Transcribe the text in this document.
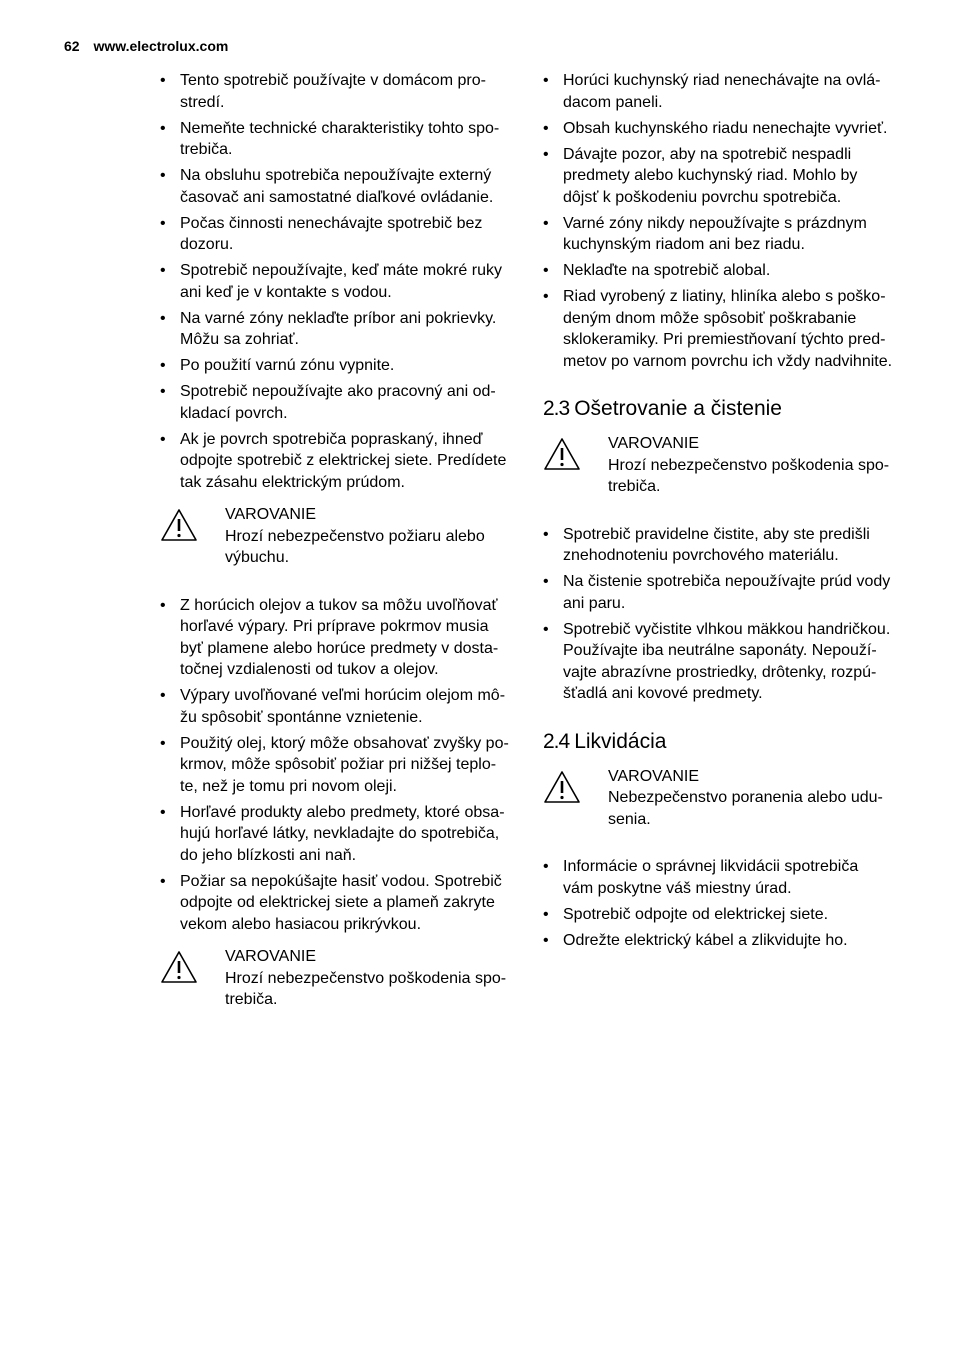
62 www.electrolux.com
• Tento spotrebič používajte v domácom pro-
stredí.
• Nemeňte technické charakteristiky tohto spo-
trebiča.
• Na obsluhu spotrebiča nepoužívajte externý
časovač ani samostatné diaľkové ovládanie.
• Počas činnosti nenechávajte spotrebič bez
dozoru.
• Spotrebič nepoužívajte, keď máte mokré ruky
ani keď je v kontakte s vodou.
• Na varné zóny neklaďte príbor ani pokrievky.
Môžu sa zohriať.
• Po použití varnú zónu vypnite.
• Spotrebič nepoužívajte ako pracovný ani od-
kladací povrch.
• Ak je povrch spotrebiča popraskaný, ihneď
odpojte spotrebič z elektrickej siete. Predídete
tak zásahu elektrickým prúdom.
VAROVANIE
Hrozí nebezpečenstvo požiaru alebo
výbuchu.
• Z horúcich olejov a tukov sa môžu uvoľňovať
horľavé výpary. Pri príprave pokrmov musia
byť plamene alebo horúce predmety v dosta-
točnej vzdialenosti od tukov a olejov.
• Výpary uvoľňované veľmi horúcim olejom mô-
žu spôsobiť spontánne vznietenie.
• Použitý olej, ktorý môže obsahovať zvyšky po-
krmov, môže spôsobiť požiar pri nižšej teplo-
te, než je tomu pri novom oleji.
• Horľavé produkty alebo predmety, ktoré obsa-
hujú horľavé látky, nevkladajte do spotrebiča,
do jeho blízkosti ani naň.
• Požiar sa nepokúšajte hasiť vodou. Spotrebič
odpojte od elektrickej siete a plameň zakryte
vekom alebo hasiacou prikrývkou.
VAROVANIE
Hrozí nebezpečenstvo poškodenia spo-
trebiča.
• Horúci kuchynský riad nenechávajte na ovlá-
dacom paneli.
• Obsah kuchynského riadu nenechajte vyvrieť.
• Dávajte pozor, aby na spotrebič nespadli
predmety alebo kuchynský riad. Mohlo by
dôjsť k poškodeniu povrchu spotrebiča.
• Varné zóny nikdy nepoužívajte s prázdnym
kuchynským riadom ani bez riadu.
• Neklaďte na spotrebič alobal.
• Riad vyrobený z liatiny, hliníka alebo s poško-
deným dnom môže spôsobiť poškrabanie
sklokeramiky. Pri premiestňovaní týchto pred-
metov po varnom povrchu ich vždy nadvihnite.
2.3 Ošetrovanie a čistenie
VAROVANIE
Hrozí nebezpečenstvo poškodenia spo-
trebiča.
• Spotrebič pravidelne čistite, aby ste predišli
znehodnoteniu povrchového materiálu.
• Na čistenie spotrebiča nepoužívajte prúd vody
ani paru.
• Spotrebič vyčistite vlhkou mäkkou handričkou.
Používajte iba neutrálne saponáty. Nepouží-
vajte abrazívne prostriedky, drôtenky, rozpú-
šťadlá ani kovové predmety.
2.4 Likvidácia
VAROVANIE
Nebezpečenstvo poranenia alebo udu-
senia.
• Informácie o správnej likvidácii spotrebiča
vám poskytne váš miestny úrad.
• Spotrebič odpojte od elektrickej siete.
• Odrežte elektrický kábel a zlikvidujte ho.
